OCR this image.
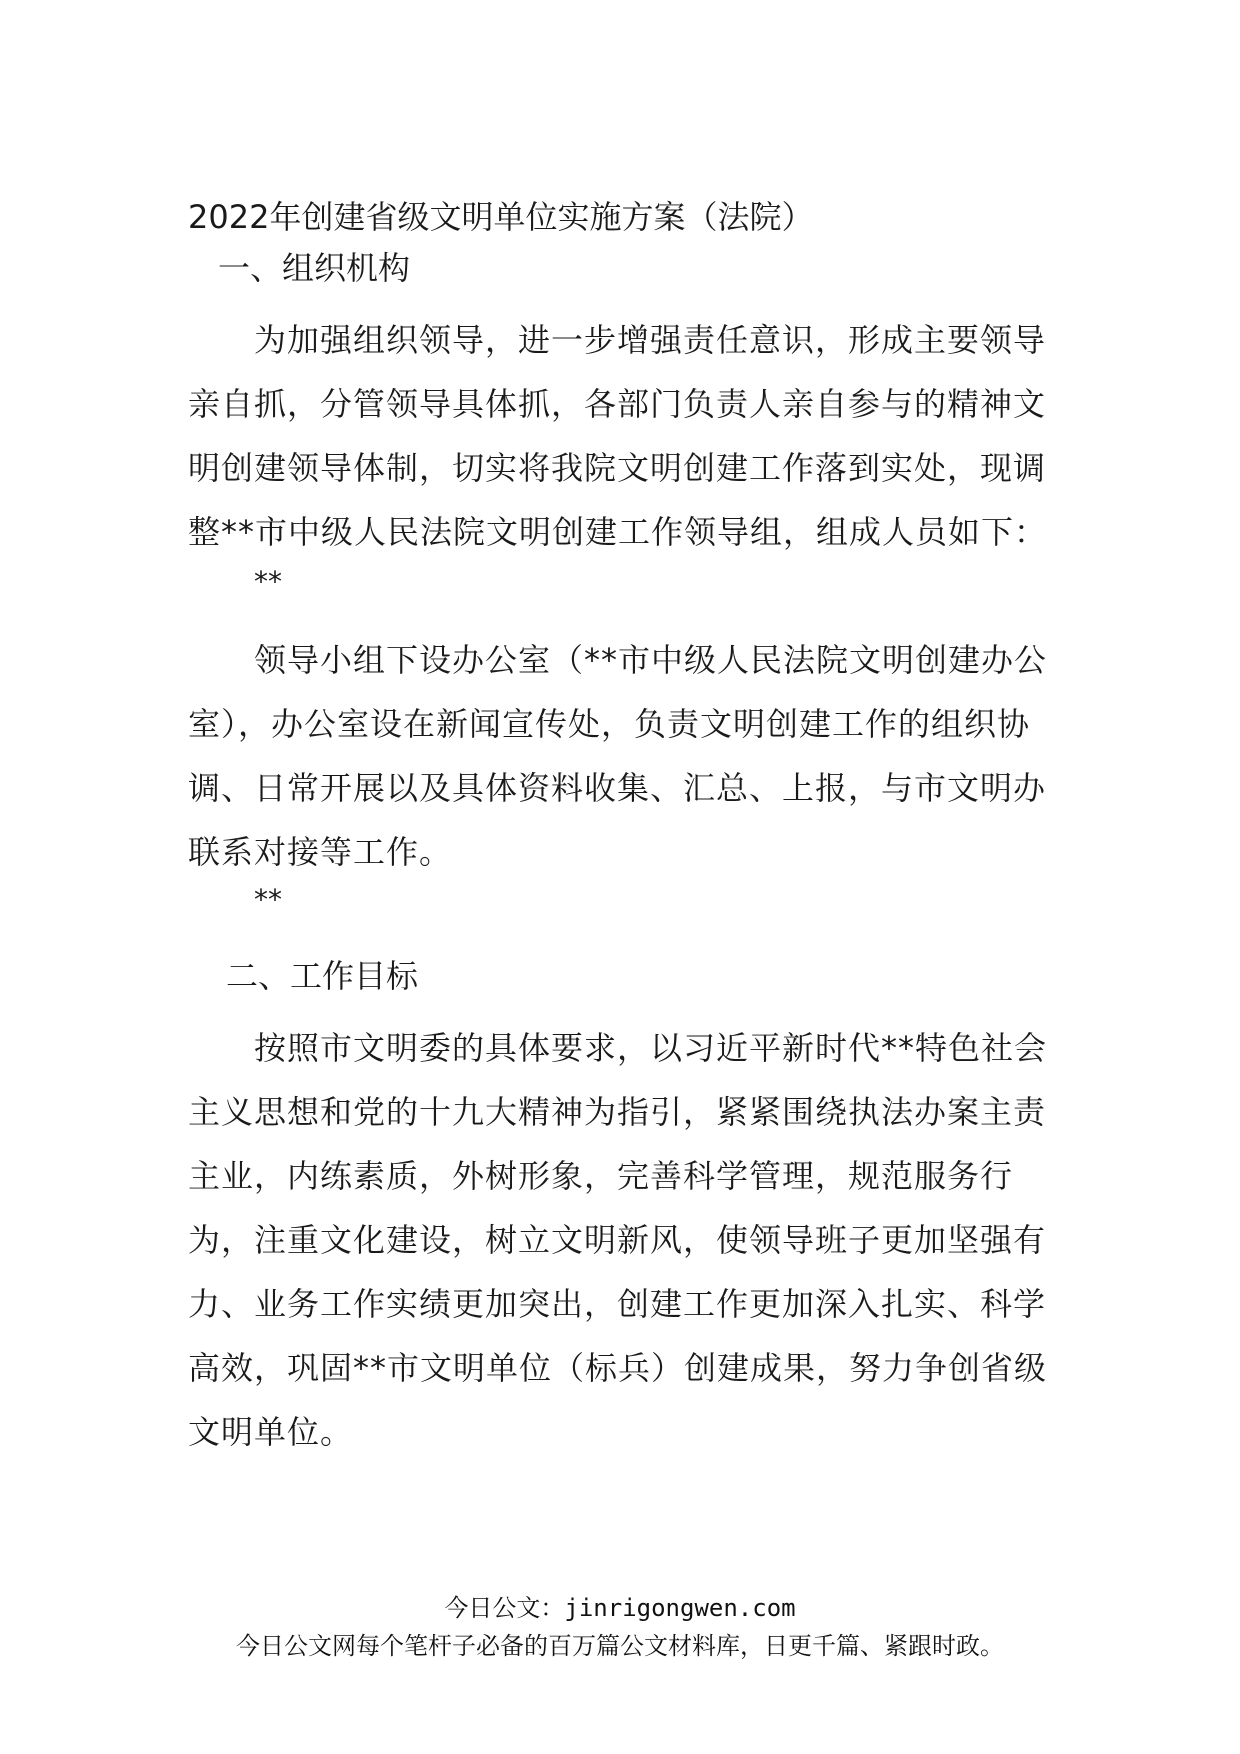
2022年创建省级文明单位实施方案（法院）
一、组织机构
为加强组织领导，进一步增强责任意识，形成主要领导亲自抓，分管领导具体抓，各部门负责人亲自参与的精神文明创建领导体制，切实将我院文明创建工作落到实处，现调整**市中级人民法院文明创建工作领导组，组成人员如下：
**
领导小组下设办公室（**市中级人民法院文明创建办公室），办公室设在新闻宣传处，负责文明创建工作的组织协调、日常开展以及具体资料收集、汇总、上报，与市文明办联系对接等工作。
**
二、工作目标
按照市文明委的具体要求，以习近平新时代**特色社会主义思想和党的十九大精神为指引，紧紧围绕执法办案主责主业，内练素质，外树形象，完善科学管理，规范服务行为，注重文化建设，树立文明新风，使领导班子更加坚强有力、业务工作实绩更加突出，创建工作更加深入扎实、科学高效，巩固**市文明单位（标兵）创建成果，努力争创省级文明单位。
今日公文：jinrigongwen.com
今日公文网每个笔杆子必备的百万篇公文材料库，日更千篇、紧跟时政。
